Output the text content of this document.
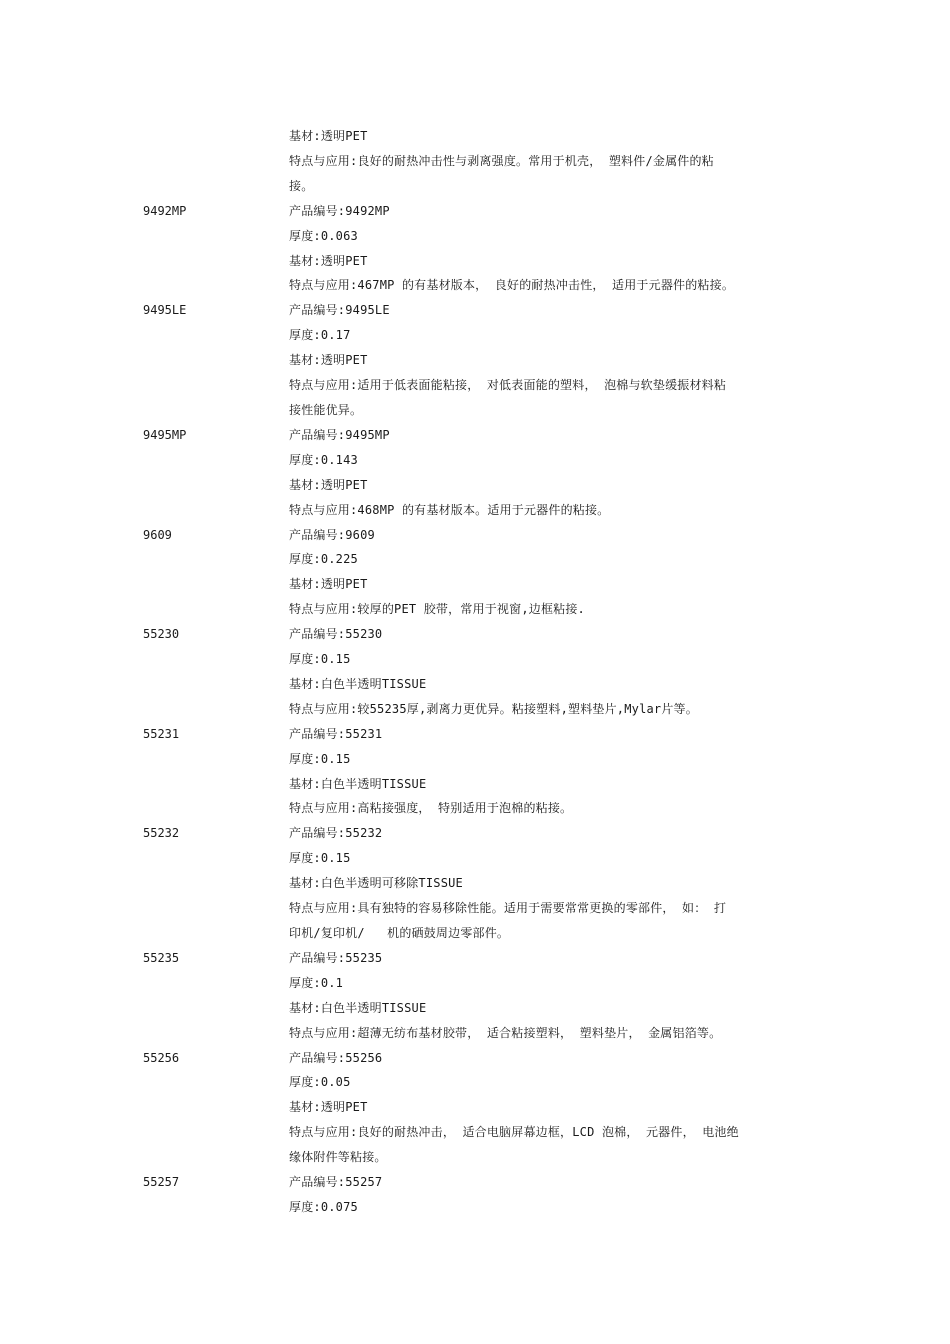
基材:透明PET
特点与应用:良好的耐热冲击性与剥离强度。常用于机壳， 塑料件/金属件的粘
接。
9492MP	产品编号:9492MP
厚度:0.063
基材:透明PET
特点与应用:467MP 的有基材版本， 良好的耐热冲击性， 适用于元器件的粘接。
9495LE	产品编号:9495LE
厚度:0.17
基材:透明PET
特点与应用:适用于低表面能粘接， 对低表面能的塑料， 泡棉与软垫缓振材料粘
接性能优异。
9495MP	产品编号:9495MP
厚度:0.143
基材:透明PET
特点与应用:468MP 的有基材版本。适用于元器件的粘接。
9609	产品编号:9609
厚度:0.225
基材:透明PET
特点与应用:较厚的PET 胶带，常用于视窗,边框粘接.
55230	产品编号:55230
厚度:0.15
基材:白色半透明TISSUE
特点与应用:较55235厚,剥离力更优异。粘接塑料,塑料垫片,Mylar片等。
55231	产品编号:55231
厚度:0.15
基材:白色半透明TISSUE
特点与应用:高粘接强度， 特别适用于泡棉的粘接。
55232	产品编号:55232
厚度:0.15
基材:白色半透明可移除TISSUE
特点与应用:具有独特的容易移除性能。适用于需要常常更换的零部件， 如： 打
印机/复印机/   机的硒鼓周边零部件。
55235	产品编号:55235
厚度:0.1
基材:白色半透明TISSUE
特点与应用:超薄无纺布基材胶带， 适合粘接塑料， 塑料垫片， 金属铝箔等。
55256	产品编号:55256
厚度:0.05
基材:透明PET
特点与应用:良好的耐热冲击， 适合电脑屏幕边框，LCD 泡棉， 元器件， 电池绝
缘体附件等粘接。
55257	产品编号:55257
厚度:0.075
